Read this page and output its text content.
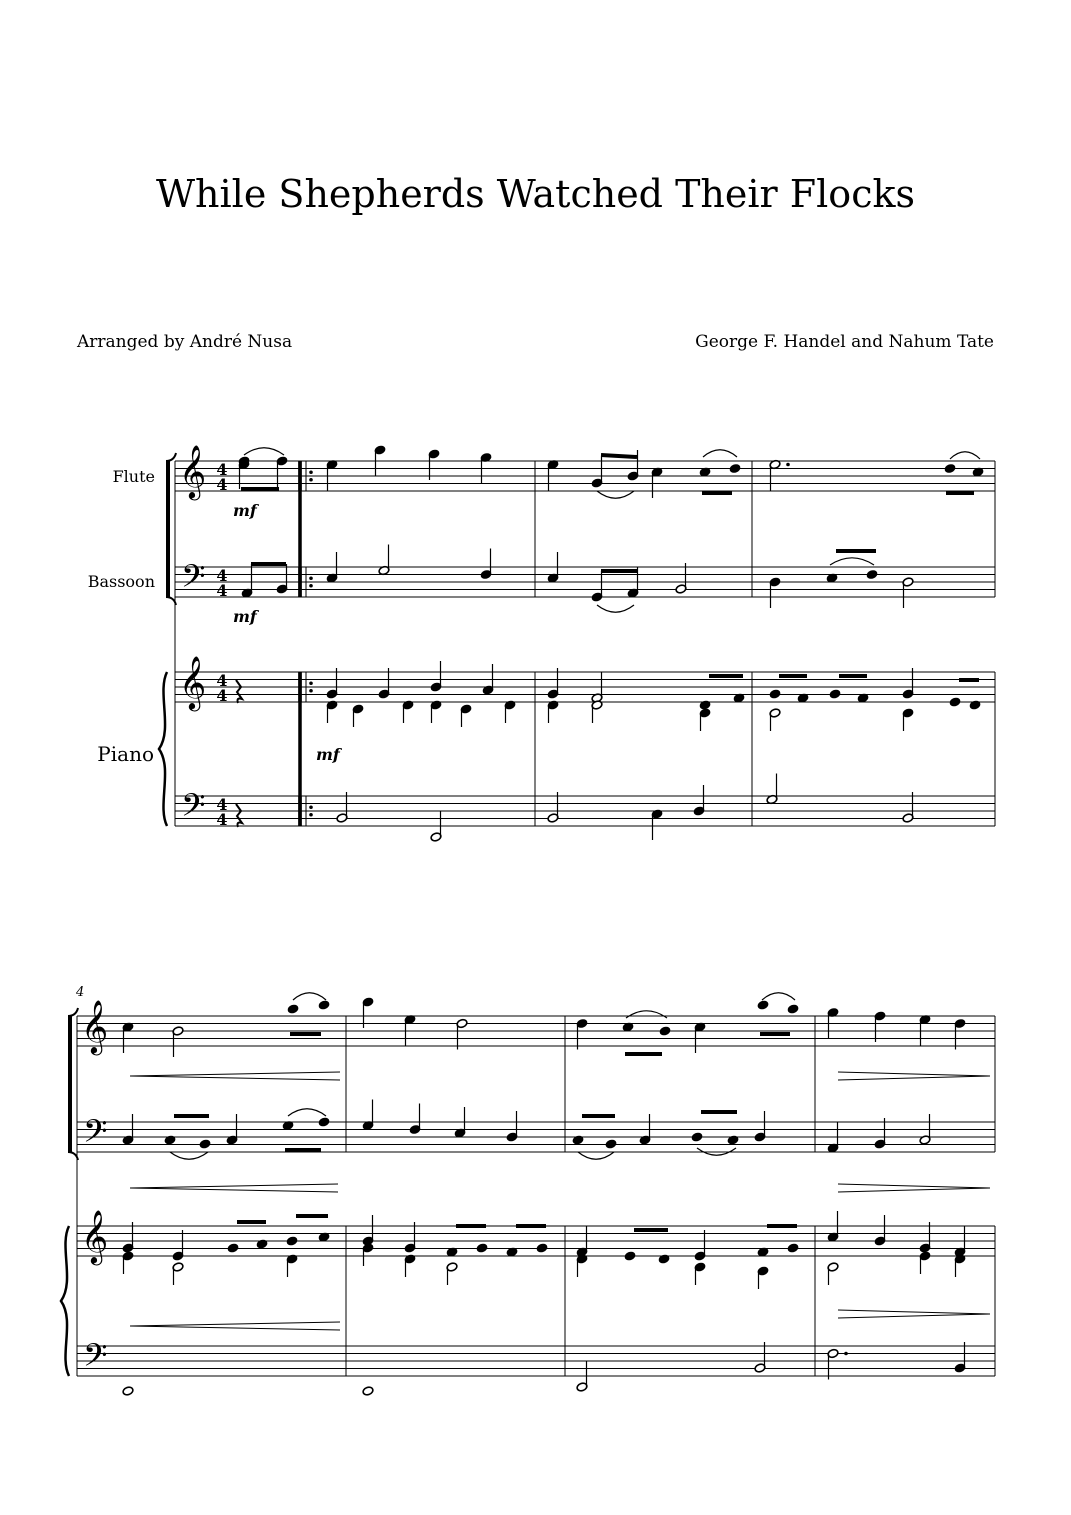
While Shepherds Watched Their Flocks
Arranged by André Nusa	George F. Handel and Nahum Tate
Flute
Bassoon
Piano
𝄞
𝄢
𝄞
𝄢
𝄞
𝄢
𝄞
𝄢
4
4
4
4
4
4
4
4
mf
mf
mf
4
